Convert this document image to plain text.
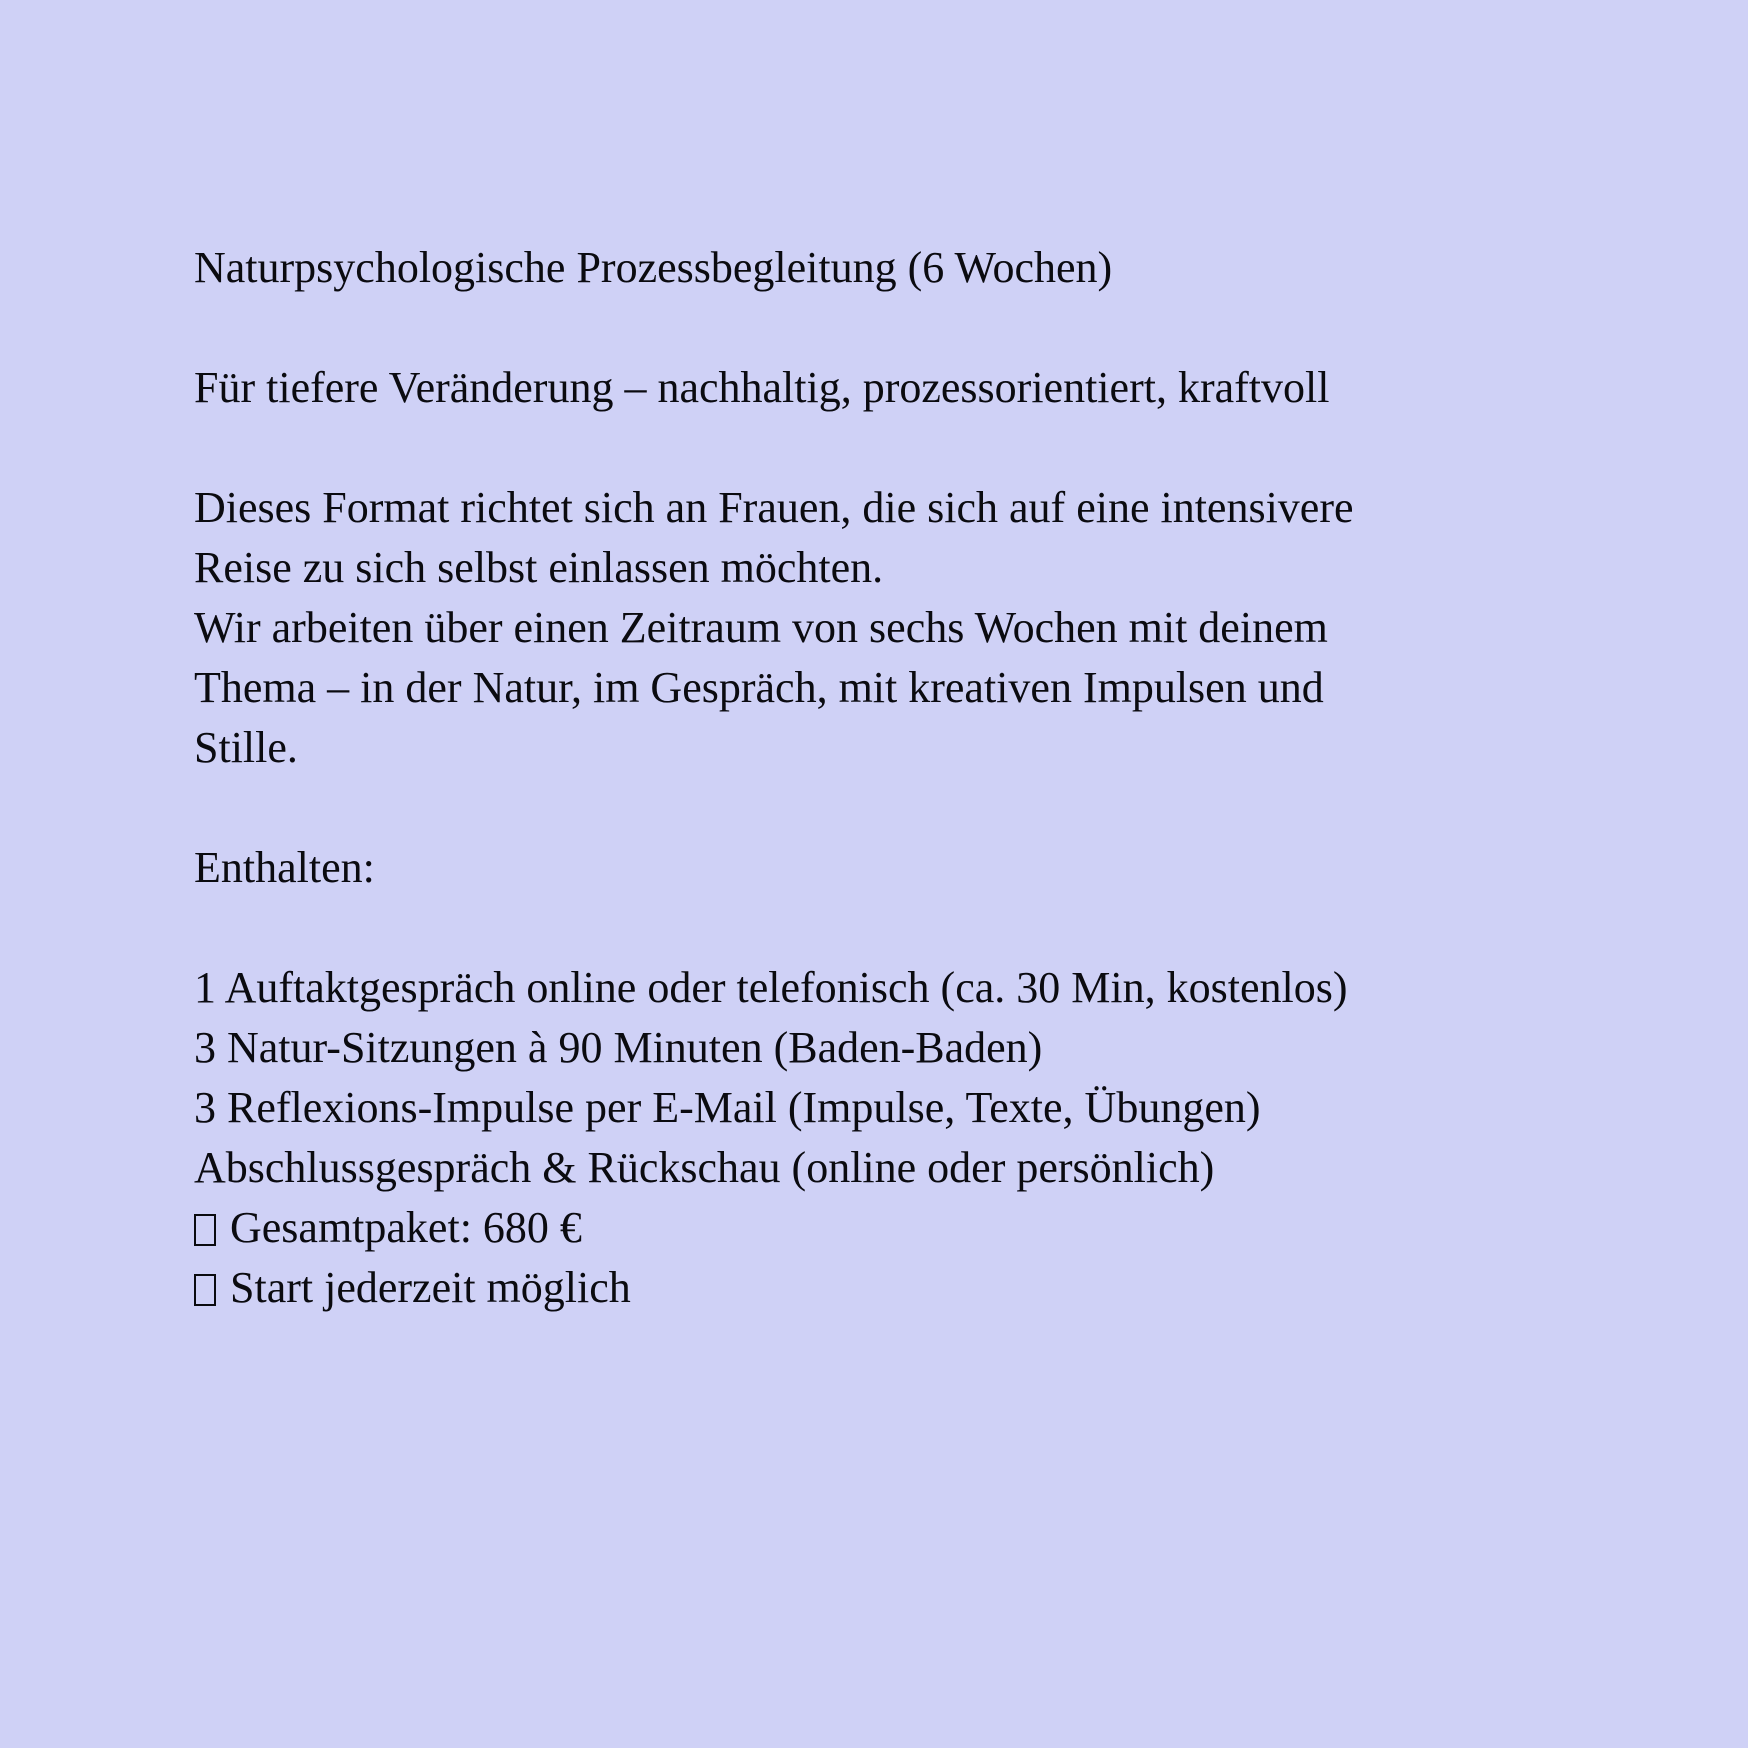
Naturpsychologische Prozessbegleitung (6 Wochen)
Für tiefere Veränderung – nachhaltig, prozessorientiert, kraftvoll
Dieses Format richtet sich an Frauen, die sich auf eine intensivere
Reise zu sich selbst einlassen möchten.
Wir arbeiten über einen Zeitraum von sechs Wochen mit deinem
Thema – in der Natur, im Gespräch, mit kreativen Impulsen und
Stille.
Enthalten:
1 Auftaktgespräch online oder telefonisch (ca. 30 Min, kostenlos)
3 Natur-Sitzungen à 90 Minuten (Baden-Baden)
3 Reflexions-Impulse per E-Mail (Impulse, Texte, Übungen)
Abschlussgespräch & Rückschau (online oder persönlich)
Gesamtpaket: 680 €
Start jederzeit möglich
